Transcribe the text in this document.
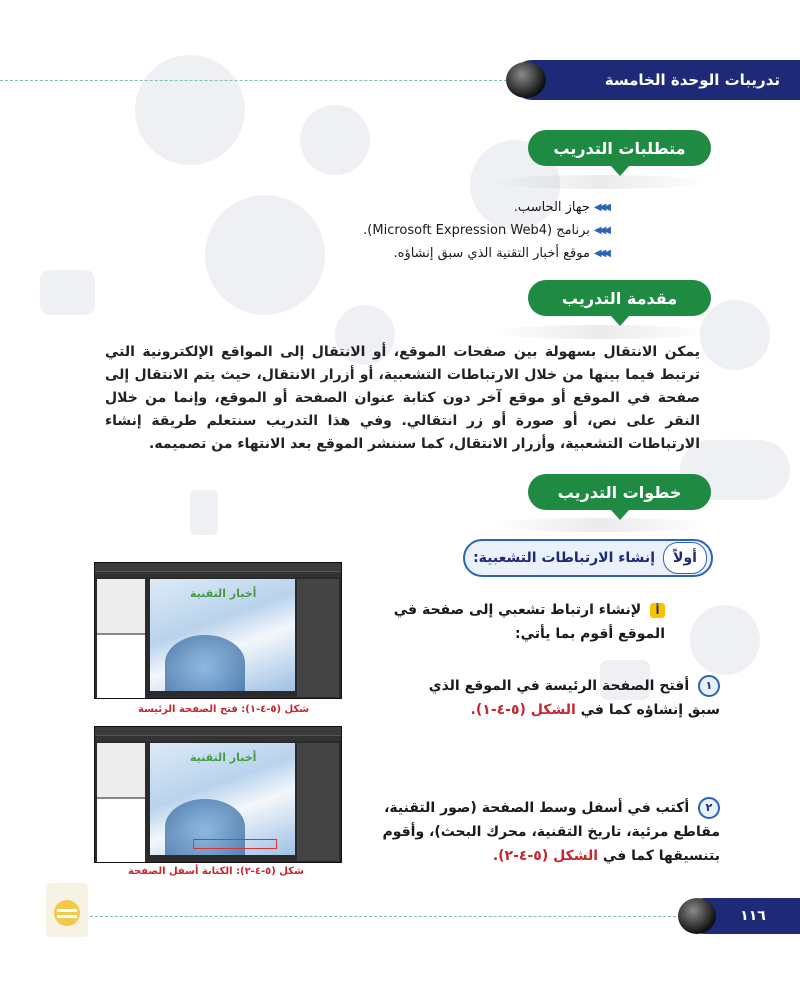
تدريبات الوحدة الخامسة
متطلبات التدريب
◀◀◀
جهاز الحاسب.
◀◀◀
برنامج (Microsoft Expression Web4).
◀◀◀
موقع أخبار التقنية الذي سبق إنشاؤه.
مقدمة التدريب
يمكن الانتقال بسهولة بين صفحات الموقع، أو الانتقال إلى المواقع الإلكترونية التي ترتبط فيما بينها من خلال الارتباطات التشعبية، أو أزرار الانتقال، حيث يتم الانتقال إلى صفحة في الموقع أو موقع آخر دون كتابة عنوان الصفحة أو الموقع، وإنما من خلال النقر على نص، أو صورة أو زر انتقالي. وفي هذا التدريب سنتعلم طريقة إنشاء الارتباطات التشعبية، وأزرار الانتقال، كما سننشر الموقع بعد الانتهاء من تصميمه.
خطوات التدريب
إنشاء الارتباطات التشعبية:	أولاً
أ لإنشاء ارتباط تشعبي إلى صفحة في الموقع أقوم بما يأتي:
١ أفتح الصفحة الرئيسة في الموقع الذي سبق إنشاؤه كما في الشكل (٥-٤-١).
٢ أكتب في أسفل وسط الصفحة (صور التقنية، مقاطع مرئية، تاريخ التقنية، محرك البحث)، وأقوم بتنسيقها كما في الشكل (٥-٤-٢).
أخبار التقنية
شكل (٥-٤-١): فتح الصفحة الرئيسة
أخبار التقنية
شكل (٥-٤-٢): الكتابة أسفل الصفحة
١١٦
